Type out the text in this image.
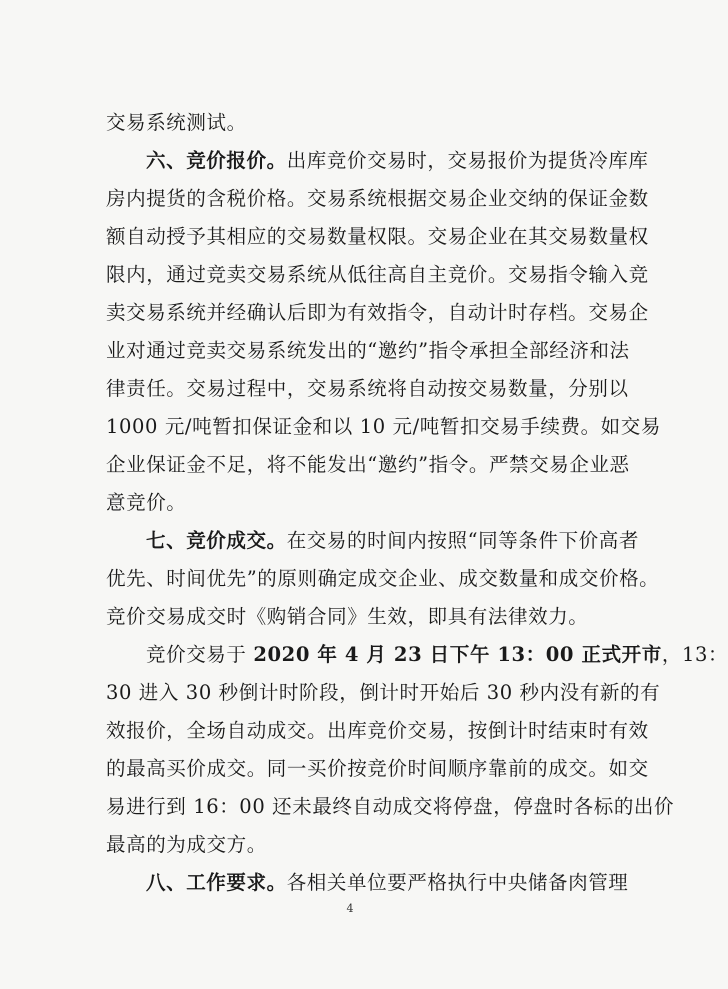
交易系统测试。
六、竞价报价。出库竞价交易时，交易报价为提货冷库库
房内提货的含税价格。交易系统根据交易企业交纳的保证金数
额自动授予其相应的交易数量权限。交易企业在其交易数量权
限内，通过竞卖交易系统从低往高自主竞价。交易指令输入竞
卖交易系统并经确认后即为有效指令，自动计时存档。交易企
业对通过竞卖交易系统发出的“邀约”指令承担全部经济和法
律责任。交易过程中，交易系统将自动按交易数量，分别以
1000 元/吨暂扣保证金和以 10 元/吨暂扣交易手续费。如交易
企业保证金不足，将不能发出“邀约”指令。严禁交易企业恶
意竞价。
七、竞价成交。在交易的时间内按照“同等条件下价高者
优先、时间优先”的原则确定成交企业、成交数量和成交价格。
竞价交易成交时《购销合同》生效，即具有法律效力。
竞价交易于 2020 年 4 月 23 日下午 13：00 正式开市，13：
30 进入 30 秒倒计时阶段，倒计时开始后 30 秒内没有新的有
效报价，全场自动成交。出库竞价交易，按倒计时结束时有效
的最高买价成交。同一买价按竞价时间顺序靠前的成交。如交
易进行到 16：00 还未最终自动成交将停盘，停盘时各标的出价
最高的为成交方。
八、工作要求。各相关单位要严格执行中央储备肉管理
4
